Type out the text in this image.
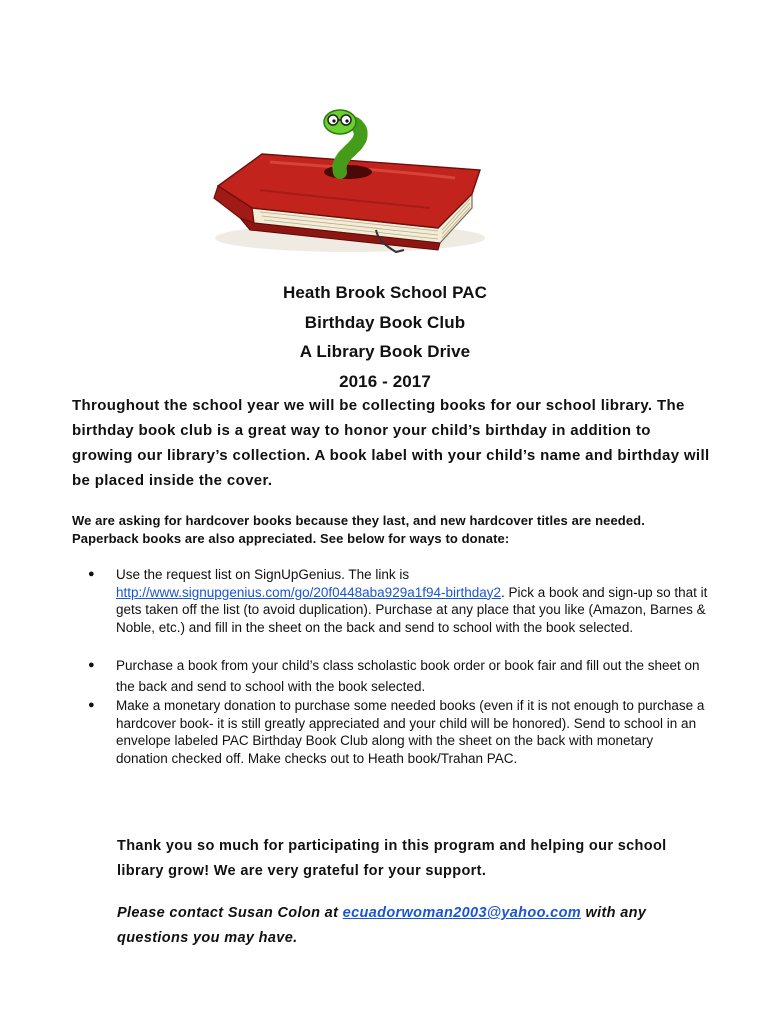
Heath Brook School PAC
Birthday Book Club
A Library Book Drive
2016 - 2017
Throughout the school year we will be collecting books for our school library. The birthday book club is a great way to honor your child’s birthday in addition to growing our library’s collection. A book label with your child’s name and birthday will be placed inside the cover.
We are asking for hardcover books because they last, and new hardcover titles are needed. Paperback books are also appreciated. See below for ways to donate:
● Use the request list on SignUpGenius. The link is http://www.signupgenius.com/go/20f0448aba929a1f94-birthday2. Pick a book and sign-up so that it gets taken off the list (to avoid duplication). Purchase at any place that you like (Amazon, Barnes & Noble, etc.) and fill in the sheet on the back and send to school with the book selected.
● Purchase a book from your child’s class scholastic book order or book fair and fill out the sheet on the back and send to school with the book selected.
● Make a monetary donation to purchase some needed books (even if it is not enough to purchase a hardcover book- it is still greatly appreciated and your child will be honored). Send to school in an envelope labeled PAC Birthday Book Club along with the sheet on the back with monetary donation checked off. Make checks out to Heath book/Trahan PAC.
Thank you so much for participating in this program and helping our school library grow! We are very grateful for your support.
Please contact Susan Colon at ecuadorwoman2003@yahoo.com with any questions you may have.
